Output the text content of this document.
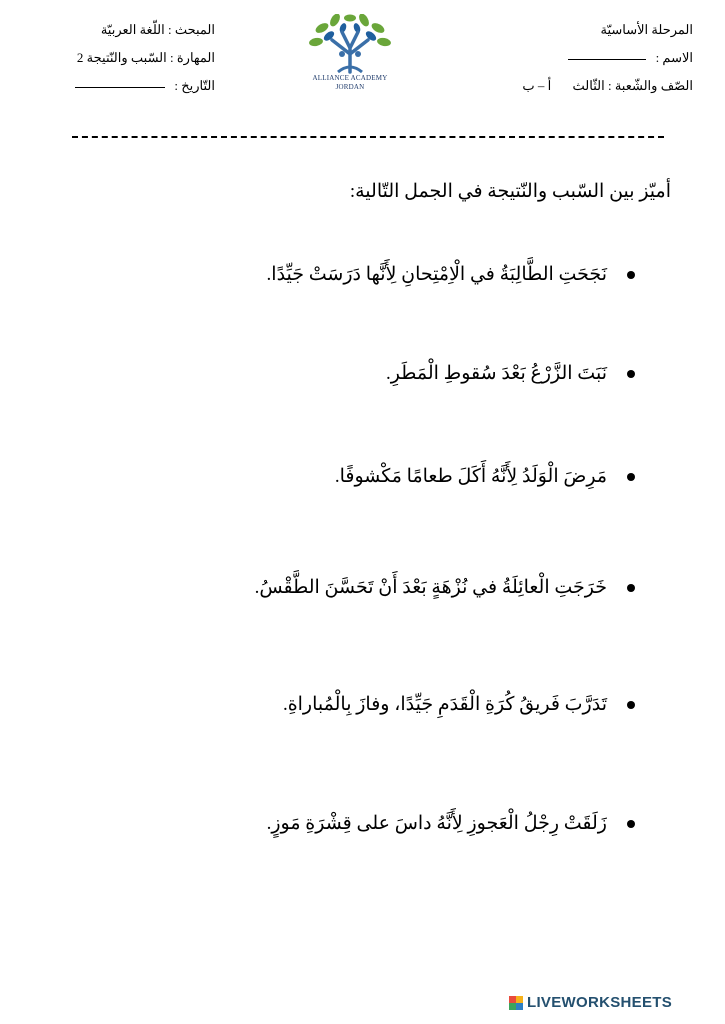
المرحلة الأساسيّة
الاسم :
الصّف والشّعبة : الثّالث أ – ب
المبحث : اللّغة العربيّة
المهارة : السّبب والنّتيجة 2
التّاريخ :	ALLIANCE ACADEMY
JORDAN
أميّز بين السّبب والنّتيجة في الجمل التّالية:
نَجَحَتِ الطَّالِبَةُ في الْاِمْتِحانِ لِأَنَّها دَرَسَتْ جَيِّدًا.
نَبَتَ الزَّرْعُ بَعْدَ سُقوطِ الْمَطَرِ.
مَرِضَ الْوَلَدُ لِأَنَّهُ أَكَلَ طعامًا مَكْشوفًا.
خَرَجَتِ الْعائِلَةُ في نُزْهَةٍ بَعْدَ أَنْ تَحَسَّنَ الطَّقْسُ.
تَدَرَّبَ فَريقُ كُرَةِ الْقَدَمِ جَيِّدًا، وفازَ بِالْمُباراةِ.
زَلَقَتْ رِجْلُ الْعَجوزِ لِأَنَّهُ داسَ على قِشْرَةِ مَوزٍ.
LIVEWORKSHEETS
